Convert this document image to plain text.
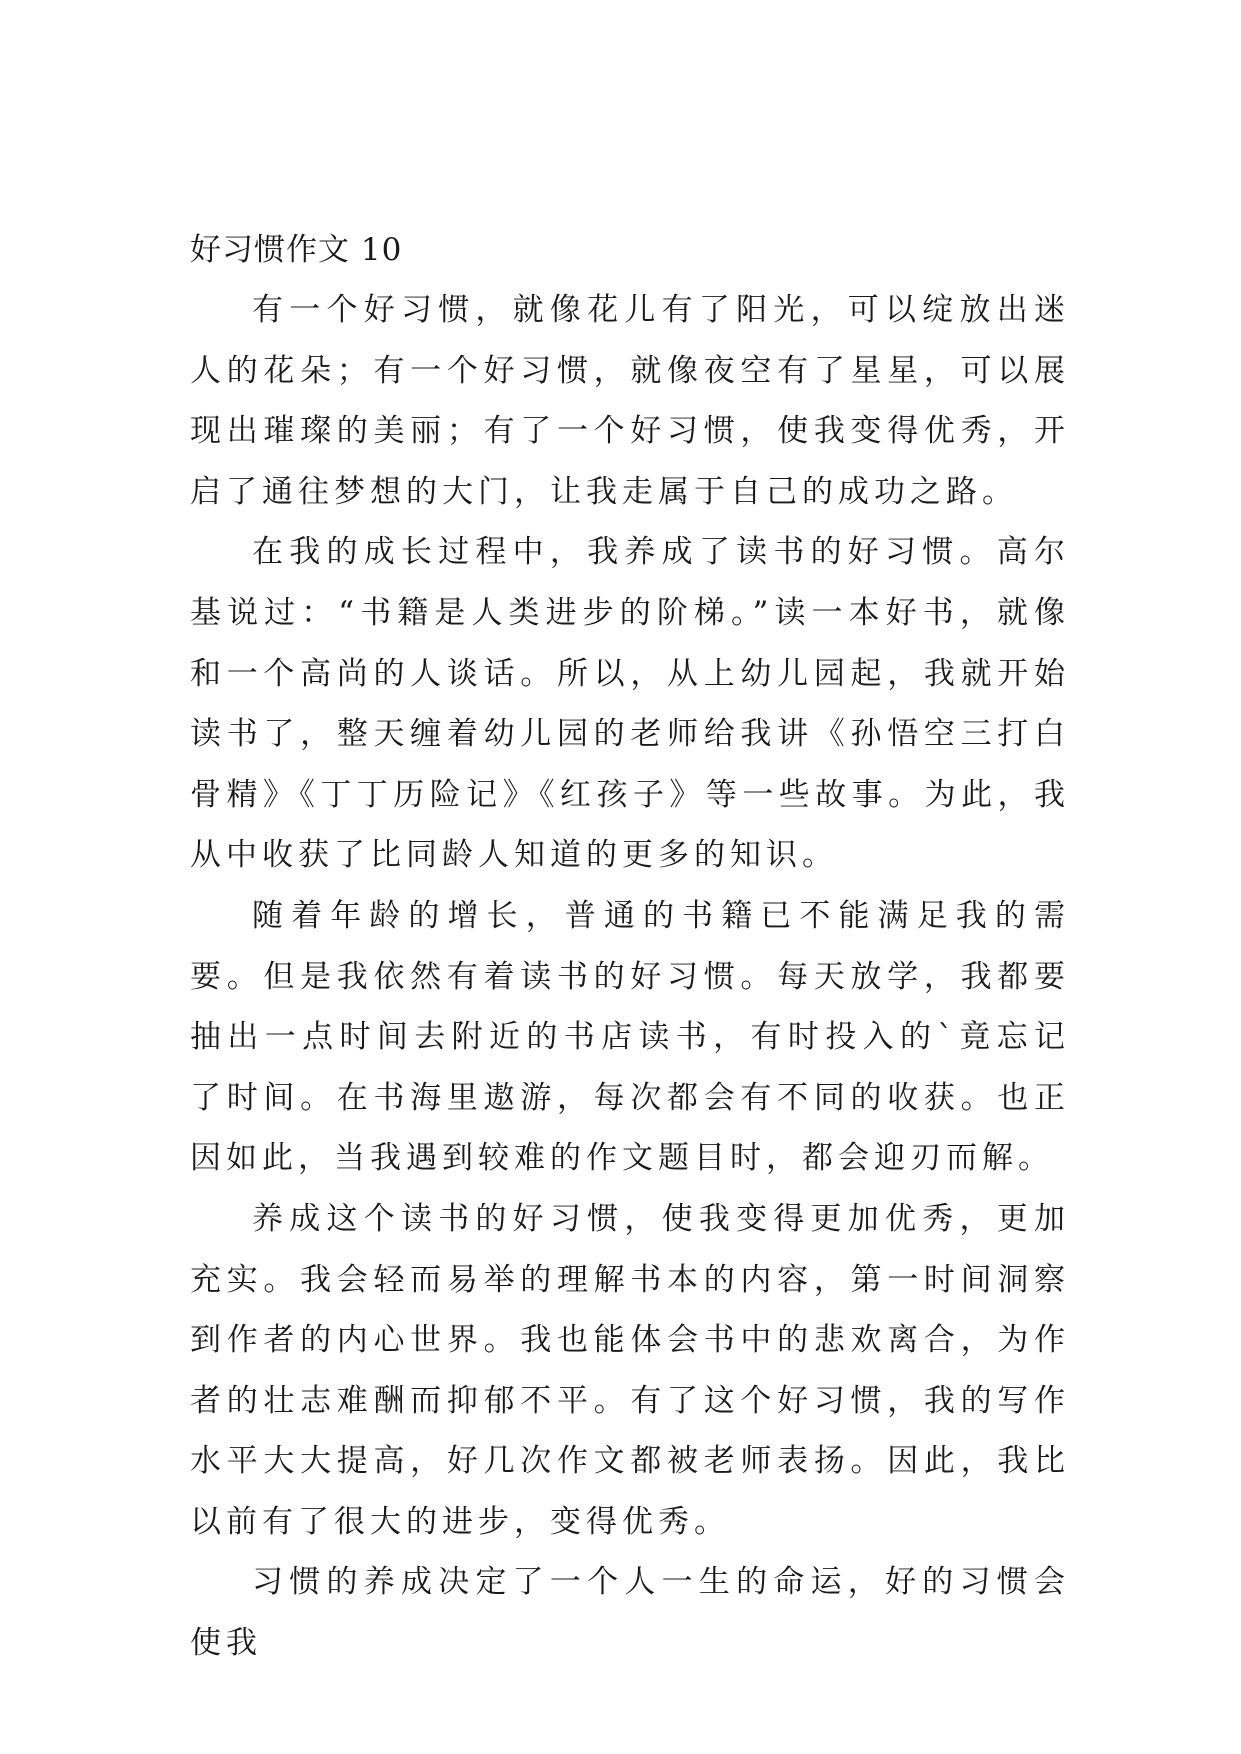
好习惯作文 10

有一个好习惯，就像花儿有了阳光，可以绽放出迷人的花朵；有一个好习惯，就像夜空有了星星，可以展现出璀璨的美丽；有了一个好习惯，使我变得优秀，开启了通往梦想的大门，让我走属于自己的成功之路。

在我的成长过程中，我养成了读书的好习惯。高尔基说过：“书籍是人类进步的阶梯。”读一本好书，就像和一个高尚的人谈话。所以，从上幼儿园起，我就开始读书了，整天缠着幼儿园的老师给我讲《孙悟空三打白骨精》《丁丁历险记》《红孩子》等一些故事。为此，我从中收获了比同龄人知道的更多的知识。

随着年龄的增长，普通的书籍已不能满足我的需要。但是我依然有着读书的好习惯。每天放学，我都要抽出一点时间去附近的书店读书，有时投入的`竟忘记了时间。在书海里遨游，每次都会有不同的收获。也正因如此，当我遇到较难的作文题目时，都会迎刃而解。

养成这个读书的好习惯，使我变得更加优秀，更加充实。我会轻而易举的理解书本的内容，第一时间洞察到作者的内心世界。我也能体会书中的悲欢离合，为作者的壮志难酬而抑郁不平。有了这个好习惯，我的写作水平大大提高，好几次作文都被老师表扬。因此，我比以前有了很大的进步，变得优秀。

习惯的养成决定了一个人一生的命运，好的习惯会使我
